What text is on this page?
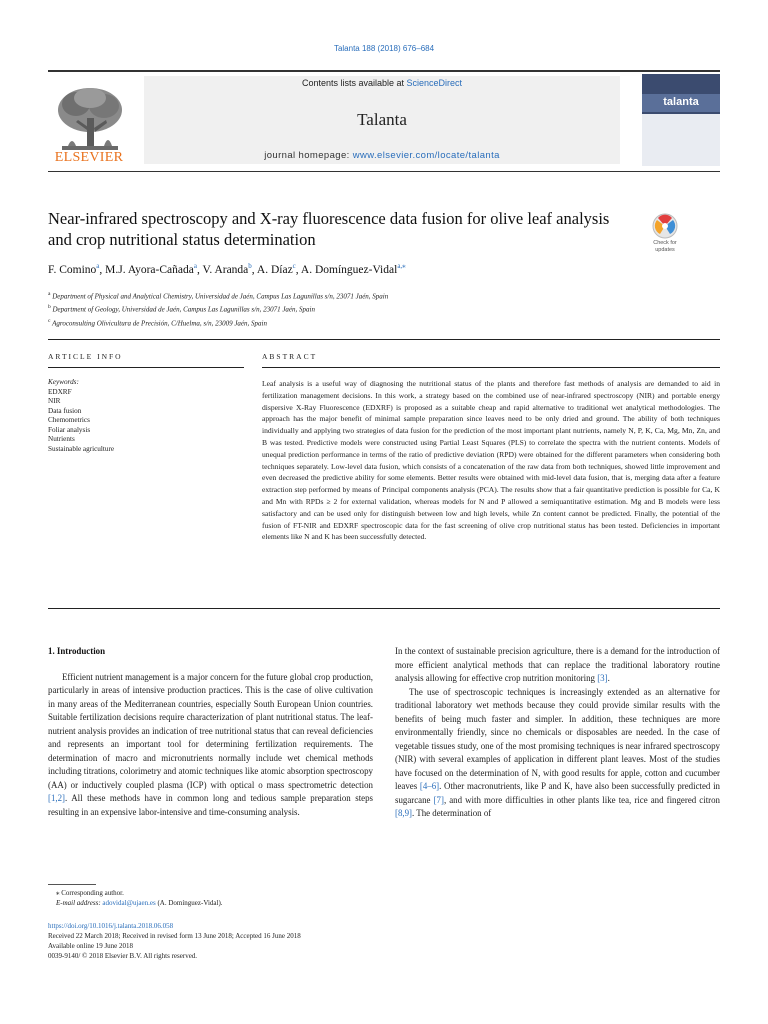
Talanta 188 (2018) 676–684
ELSEVIER
Contents lists available at ScienceDirect
Talanta
journal homepage: www.elsevier.com/locate/talanta
talanta
Near-infrared spectroscopy and X-ray fluorescence data fusion for olive leaf analysis and crop nutritional status determination	Check for
updates
F. Comino$^a$, M.J. Ayora-Cañada$^a$, V. Aranda$^b$, A. Díaz$^c$, A. Domínguez-Vidal$^{a,⁎}$
$^a$ Department of Physical and Analytical Chemistry, Universidad de Jaén, Campus Las Lagunillas s/n, 23071 Jaén, Spain
$^b$ Department of Geology, Universidad de Jaén, Campus Las Lagunillas s/n, 23071 Jaén, Spain
$^c$ Agroconsulting Olivicultura de Precisión, C/Huelma, s/n, 23009 Jaén, Spain
ARTICLE INFO	ABSTRACT
Keywords:
EDXRF
NIR
Data fusion
Chemometrics
Foliar analysis
Nutrients
Sustainable agriculture
Leaf analysis is a useful way of diagnosing the nutritional status of the plants and therefore fast methods of analysis are demanded to aid in fertilization management decisions. In this work, a strategy based on the combined use of near-infrared spectroscopy (NIR) and portable energy dispersive X-Ray Fluorescence (EDXRF) is proposed as a suitable cheap and rapid alternative to traditional wet analytical methodologies. The approach has the major benefit of minimal sample preparation since leaves need to be only dried and ground. The ability of both techniques individually and applying two strategies of data fusion for the prediction of the most important plant nutrients, namely N, P, K, Ca, Mg, Mn, Zn, and B was tested. Predictive models were constructed using Partial Least Squares (PLS) to correlate the spectra with the nutrient contents. Models of unequal prediction performance in terms of the ratio of predictive deviation (RPD) were obtained for the different parameters when considering both techniques separately. Low-level data fusion, which consists of a concatenation of the raw data from both techniques, showed little improvement and even decreased the predictive ability for some elements. Better results were obtained with mid-level data fusion, that is, merging data after a feature extraction step performed by means of Principal components analysis (PCA). The results show that a fair quantitative prediction is possible for Ca, K and Mn with RPDs ≥ 2 for external validation, whereas models for N and P allowed a semiquantitative estimation. Mg and B models were less satisfactory and can be used only for distinguish between low and high levels, while Zn content cannot be predicted. Finally, the potential of the fusion of FT-NIR and EDXRF spectroscopic data for the fast screening of olive crop nutritional status has been tested. Deficiencies in important elements like N and K has been successfully detected.
1. Introduction

Efficient nutrient management is a major concern for the future global crop production, particularly in areas of intensive production practices. This is the case of olive cultivation in many areas of the Mediterranean countries, especially South European Union countries. Suitable fertilization decisions require characterization of plant nutritional status. The leaf-nutrient analysis provides an indication of tree nutritional status that can reveal deficiencies and represents an important tool for determining fertilization requirements. The determination of macro and micronutrients normally include wet chemical methods including titrations, colorimetry and atomic techniques like atomic absorption spectroscopy (AA) or inductively coupled plasma (ICP) with optical o mass spectrometric detection [1,2]. All these methods have in common long and tedious sample preparation steps resulting in an expensive labor-intensive and time-consuming analysis.

In the context of sustainable precision agriculture, there is a demand for the introduction of more efficient analytical methods that can replace the traditional laboratory routine analysis allowing for effective crop nutrition monitoring [3].

The use of spectroscopic techniques is increasingly extended as an alternative for traditional laboratory wet methods because they could provide similar results with the benefits of being much faster and simpler. In addition, these techniques are more environmentally friendly, since no chemicals or disposables are needed. In the case of vegetable tissues study, one of the most promising techniques is near infrared spectroscopy (NIR) with several examples of application in different plant leaves. Most of the studies have focused on the determination of N, with good results for apple, cotton and cucumber leaves [4–6]. Other macronutrients, like P and K, have also been successfully predicted in sugarcane [7], and with more difficulties in other plants like tea, rice and fingered citron [8,9]. The determination of

⁎ Corresponding author.
E-mail address: adovidal@ujaen.es (A. Domínguez-Vidal).
https://doi.org/10.1016/j.talanta.2018.06.058
Received 22 March 2018; Received in revised form 13 June 2018; Accepted 16 June 2018
Available online 19 June 2018
0039-9140/ © 2018 Elsevier B.V. All rights reserved.
